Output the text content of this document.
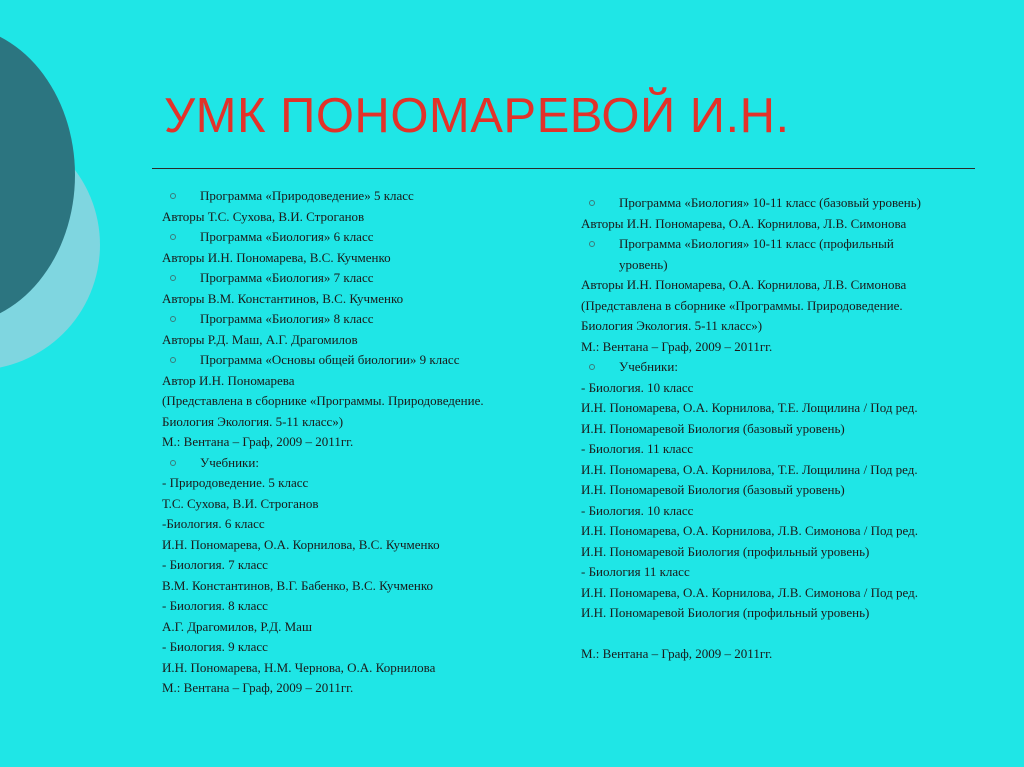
УМК ПОНОМАРЕВОЙ И.Н.
Программа «Природоведение» 5 класс
Авторы Т.С. Сухова, В.И. Строганов
Программа «Биология» 6 класс
Авторы И.Н. Пономарева, В.С. Кучменко
Программа «Биология» 7 класс
Авторы В.М. Константинов, В.С. Кучменко
Программа «Биология» 8 класс
Авторы Р.Д. Маш, А.Г. Драгомилов
Программа «Основы общей биологии» 9 класс
Автор И.Н. Пономарева
(Представлена в сборнике «Программы. Природоведение.
Биология Экология. 5-11 класс»)
М.: Вентана – Граф, 2009 – 2011гг.
Учебники:
- Природоведение. 5 класс
Т.С. Сухова, В.И. Строганов
-Биология. 6 класс
И.Н. Пономарева, О.А. Корнилова, В.С. Кучменко
- Биология. 7 класс
В.М. Константинов, В.Г. Бабенко, В.С. Кучменко
- Биология. 8 класс
А.Г. Драгомилов, Р.Д. Маш
- Биология. 9 класс
И.Н. Пономарева, Н.М. Чернова, О.А. Корнилова
М.: Вентана – Граф, 2009 – 2011гг.
Программа «Биология» 10-11 класс (базовый уровень)
Авторы И.Н. Пономарева, О.А. Корнилова, Л.В. Симонова
Программа «Биология» 10-11 класс (профильный
уровень)
Авторы И.Н. Пономарева, О.А. Корнилова, Л.В. Симонова
(Представлена в сборнике «Программы. Природоведение.
Биология Экология. 5-11 класс»)
М.: Вентана – Граф, 2009 – 2011гг.
Учебники:
- Биология. 10 класс
И.Н. Пономарева, О.А. Корнилова, Т.Е. Лощилина / Под ред.
И.Н. Пономаревой Биология (базовый уровень)
- Биология. 11 класс
И.Н. Пономарева, О.А. Корнилова, Т.Е. Лощилина / Под ред.
И.Н. Пономаревой Биология (базовый уровень)
- Биология. 10 класс
И.Н. Пономарева, О.А. Корнилова, Л.В. Симонова / Под ред.
И.Н. Пономаревой Биология (профильный уровень)
- Биология 11 класс
И.Н. Пономарева, О.А. Корнилова, Л.В. Симонова / Под ред.
И.Н. Пономаревой Биология (профильный уровень)
М.: Вентана – Граф, 2009 – 2011гг.
